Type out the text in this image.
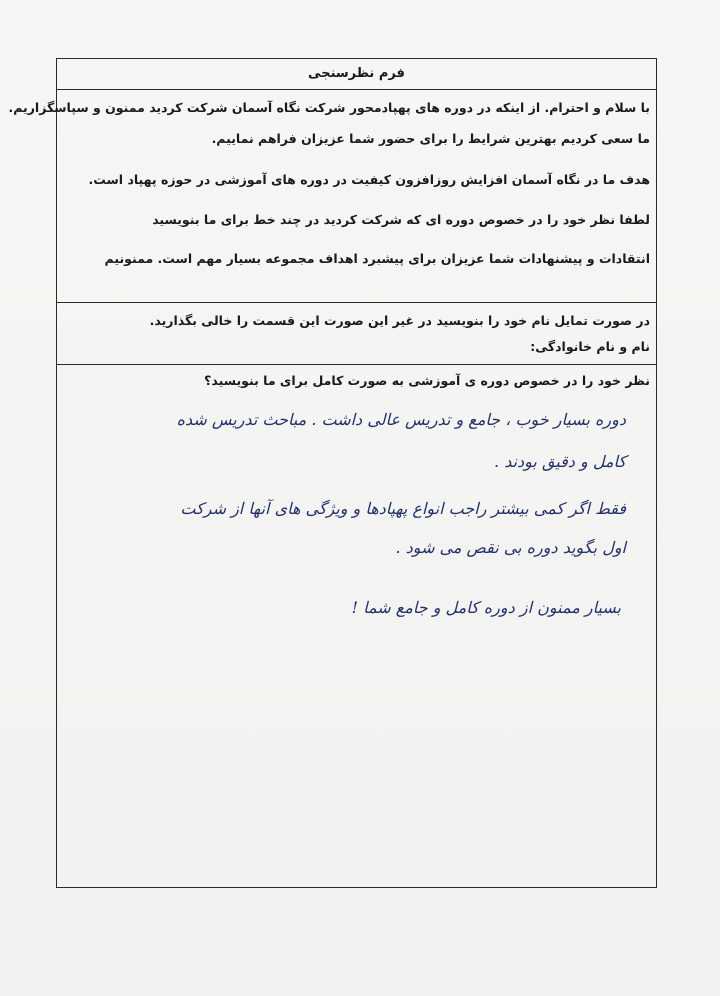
فرم نظرسنجی
با سلام و احترام. از اینکه در دوره های پهپادمحور شرکت نگاه آسمان شرکت کردید ممنون و سپاسگزاریم.
ما سعی کردیم بهترین شرایط را برای حضور شما عزیزان فراهم نماییم.
هدف ما در نگاه آسمان افزایش روزافزون کیفیت در دوره های آموزشی در حوزه پهپاد است.
لطفا نظر خود را در خصوص دوره ای که شرکت کردید در چند خط برای ما بنویسید
انتقادات و پیشنهادات شما عزیزان برای پیشبرد اهداف مجموعه بسیار مهم است. ممنونیم
در صورت تمایل نام خود را بنویسید در غیر این صورت این قسمت را خالی بگذارید.
نام و نام خانوادگی:
نظر خود را در خصوص دوره ی آموزشی به صورت کامل برای ما بنویسید؟
دوره بسیار خوب ، جامع و تدریس عالی داشت . مباحث تدریس شده
کامل و دقیق بودند .
فقط اگر کمی بیشتر راجب انواع پهپادها و ویژگی های آنها از شرکت
اول بگوید دوره بی نقص می شود .
بسیار ممنون از دوره کامل و جامع شما !
